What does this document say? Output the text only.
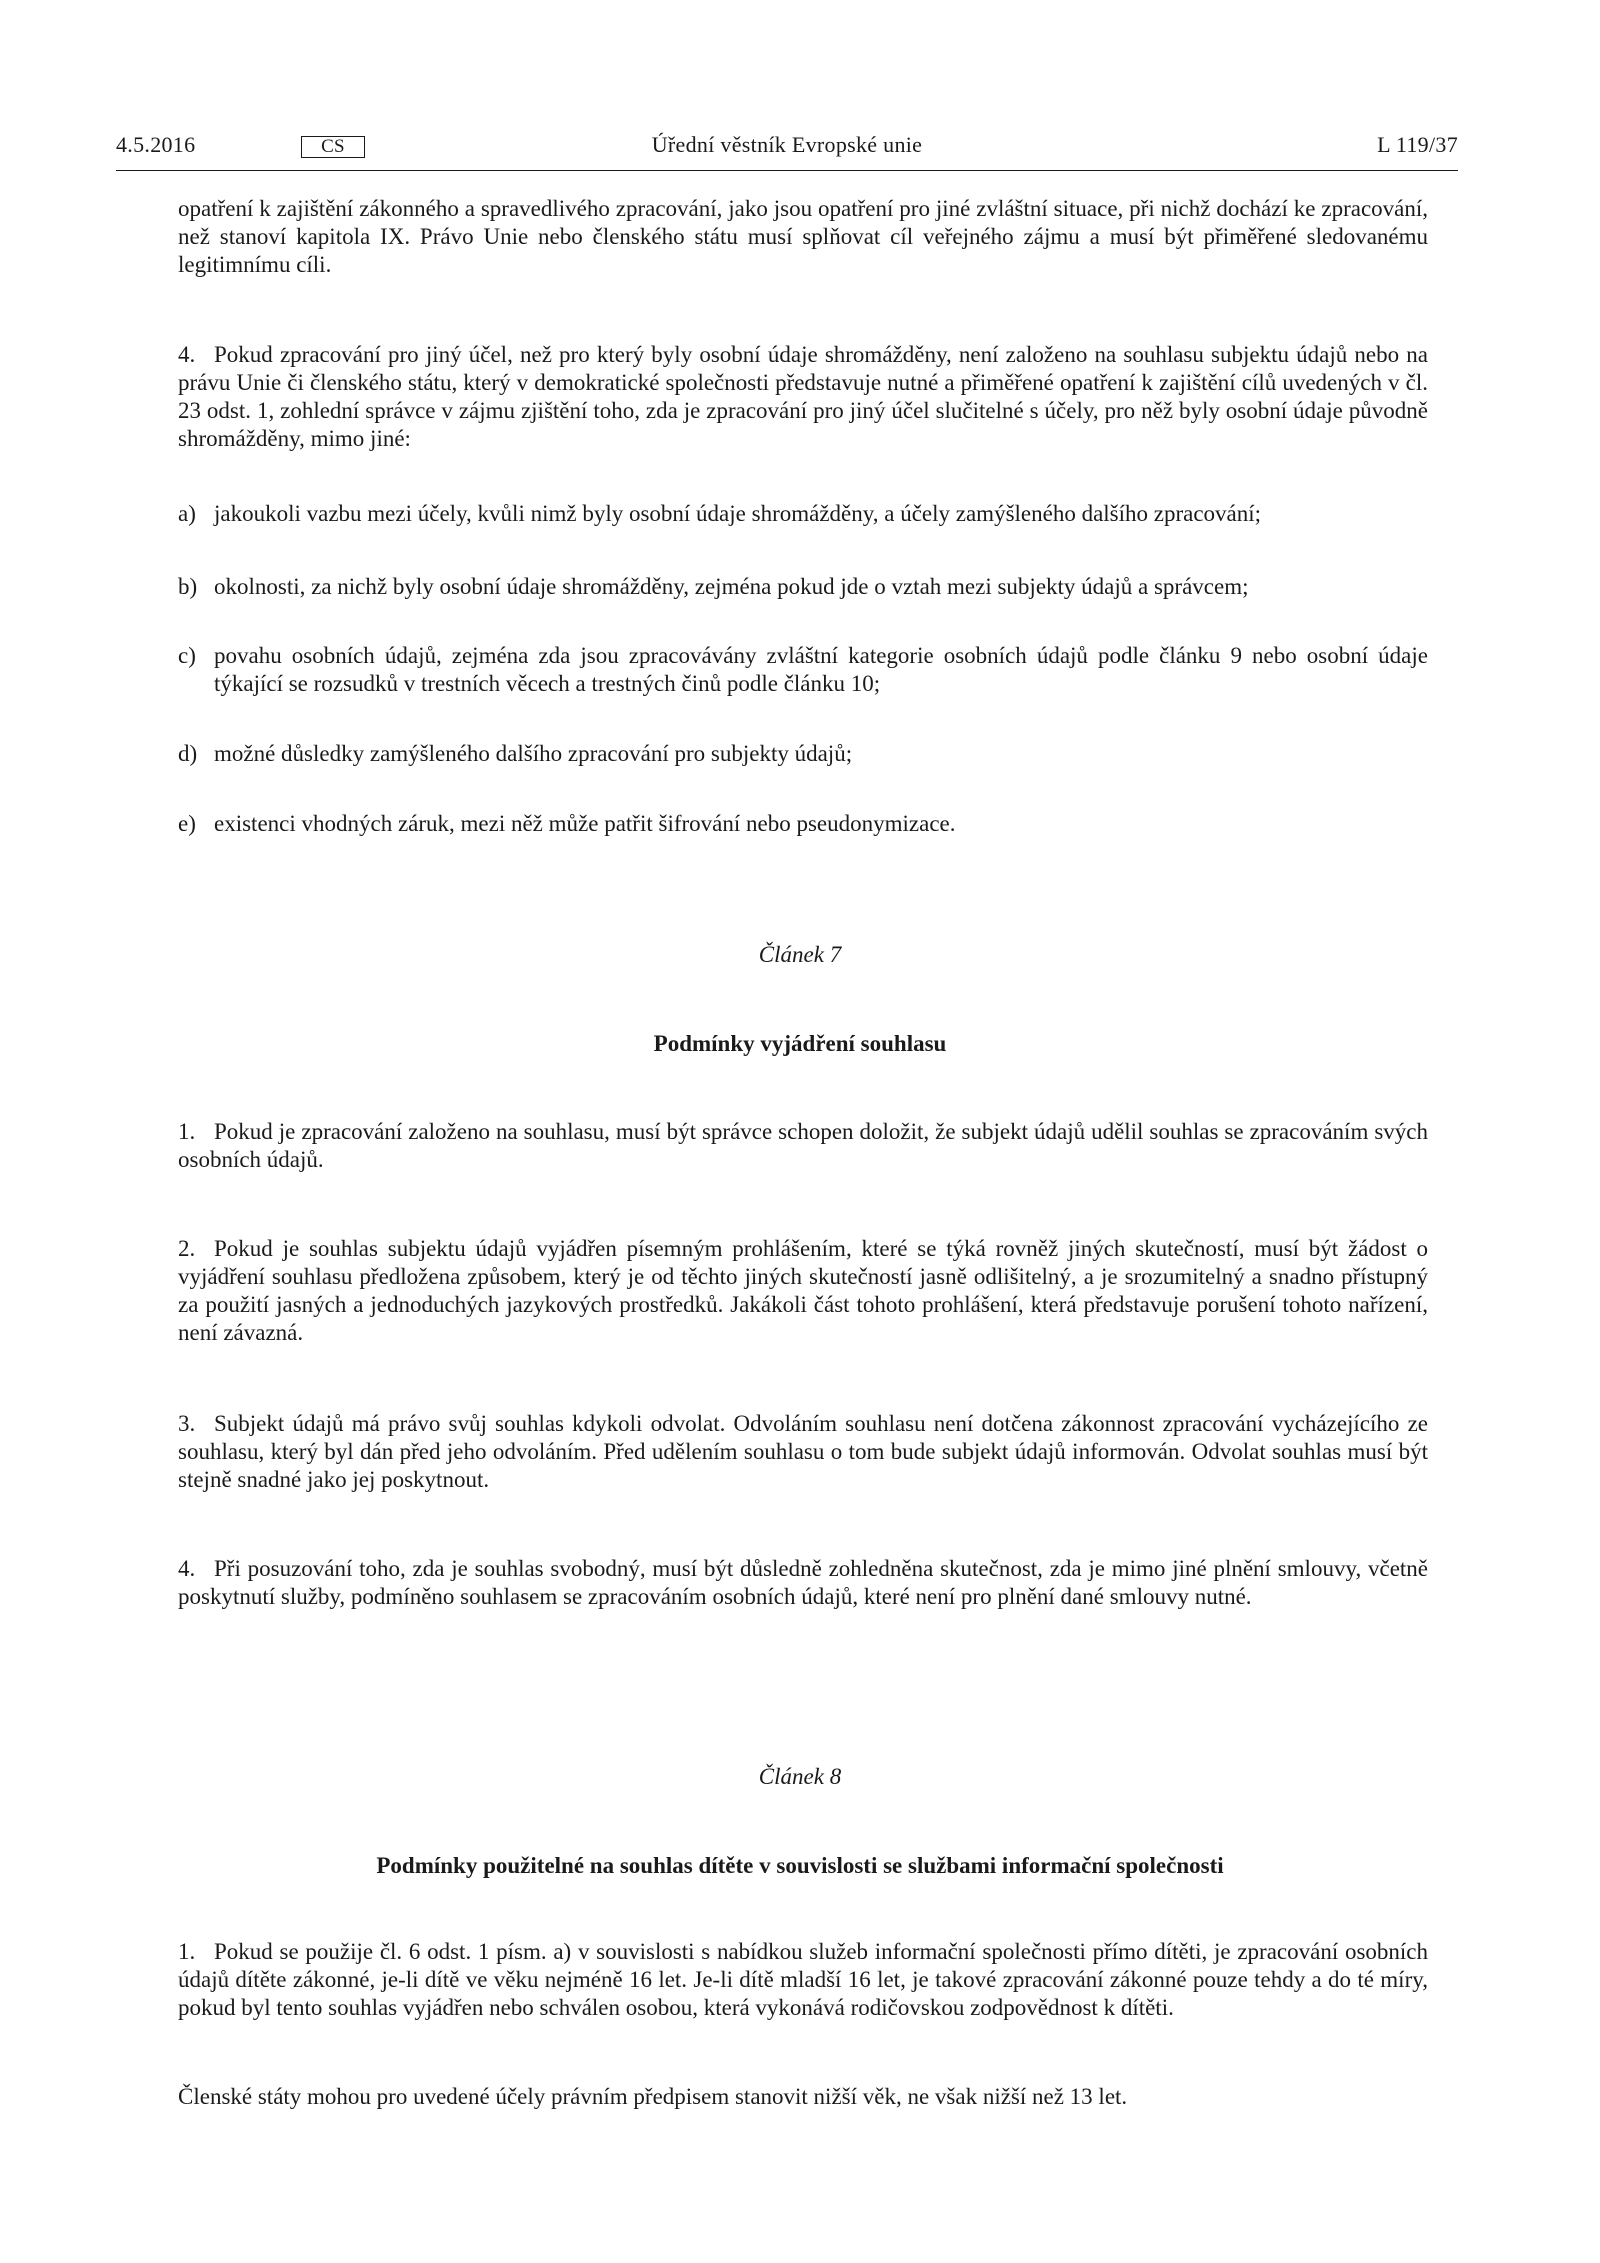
4.5.2016	CS	Úřední věstník Evropské unie	L 119/37

opatření k zajištění zákonného a spravedlivého zpracování, jako jsou opatření pro jiné zvláštní situace, při nichž dochází ke zpracování, než stanoví kapitola IX. Právo Unie nebo členského státu musí splňovat cíl veřejného zájmu a musí být přiměřené sledovanému legitimnímu cíli.

4. Pokud zpracování pro jiný účel, než pro který byly osobní údaje shromážděny, není založeno na souhlasu subjektu údajů nebo na právu Unie či členského státu, který v demokratické společnosti představuje nutné a přiměřené opatření k zajištění cílů uvedených v čl. 23 odst. 1, zohlední správce v zájmu zjištění toho, zda je zpracování pro jiný účel slučitelné s účely, pro něž byly osobní údaje původně shromážděny, mimo jiné:

a) jakoukoli vazbu mezi účely, kvůli nimž byly osobní údaje shromážděny, a účely zamýšleného dalšího zpracování;

b) okolnosti, za nichž byly osobní údaje shromážděny, zejména pokud jde o vztah mezi subjekty údajů a správcem;

c) povahu osobních údajů, zejména zda jsou zpracovávány zvláštní kategorie osobních údajů podle článku 9 nebo osobní údaje týkající se rozsudků v trestních věcech a trestných činů podle článku 10;

d) možné důsledky zamýšleného dalšího zpracování pro subjekty údajů;

e) existenci vhodných záruk, mezi něž může patřit šifrování nebo pseudonymizace.

Článek 7

Podmínky vyjádření souhlasu

1. Pokud je zpracování založeno na souhlasu, musí být správce schopen doložit, že subjekt údajů udělil souhlas se zpracováním svých osobních údajů.

2. Pokud je souhlas subjektu údajů vyjádřen písemným prohlášením, které se týká rovněž jiných skutečností, musí být žádost o vyjádření souhlasu předložena způsobem, který je od těchto jiných skutečností jasně odlišitelný, a je srozumitelný a snadno přístupný za použití jasných a jednoduchých jazykových prostředků. Jakákoli část tohoto prohlášení, která představuje porušení tohoto nařízení, není závazná.

3. Subjekt údajů má právo svůj souhlas kdykoli odvolat. Odvoláním souhlasu není dotčena zákonnost zpracování vycházejícího ze souhlasu, který byl dán před jeho odvoláním. Před udělením souhlasu o tom bude subjekt údajů informován. Odvolat souhlas musí být stejně snadné jako jej poskytnout.

4. Při posuzování toho, zda je souhlas svobodný, musí být důsledně zohledněna skutečnost, zda je mimo jiné plnění smlouvy, včetně poskytnutí služby, podmíněno souhlasem se zpracováním osobních údajů, které není pro plnění dané smlouvy nutné.

Článek 8

Podmínky použitelné na souhlas dítěte v souvislosti se službami informační společnosti

1. Pokud se použije čl. 6 odst. 1 písm. a) v souvislosti s nabídkou služeb informační společnosti přímo dítěti, je zpracování osobních údajů dítěte zákonné, je-li dítě ve věku nejméně 16 let. Je-li dítě mladší 16 let, je takové zpracování zákonné pouze tehdy a do té míry, pokud byl tento souhlas vyjádřen nebo schválen osobou, která vykonává rodičovskou zodpovědnost k dítěti.

Členské státy mohou pro uvedené účely právním předpisem stanovit nižší věk, ne však nižší než 13 let.
